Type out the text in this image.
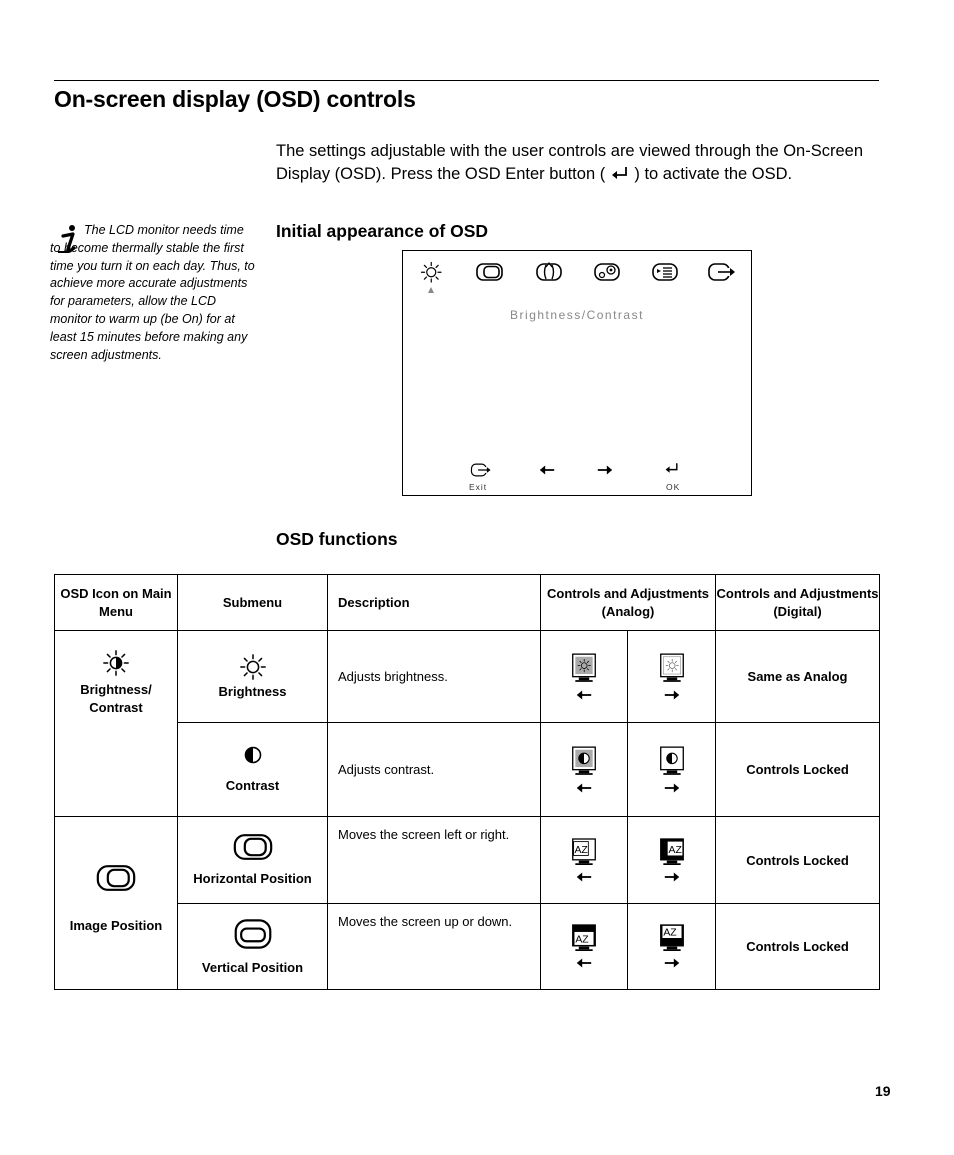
On-screen display (OSD) controls

The settings adjustable with the user controls are viewed through the On-Screen Display (OSD). Press the OSD Enter button (  ) to activate the OSD.

The LCD monitor needs time to become thermally stable the first time you turn it on each day. Thus, to achieve more accurate adjustments for parameters, allow the LCD monitor to warm up (be On) for at least 15 minutes before making any screen adjustments.

Initial appearance of OSD
Brightness/Contrast
Exit	OK
OSD functions
OSD Icon on Main Menu	Submenu	Description	Controls and Adjustments (Analog)		Controls and Adjustments (Digital)

Brightness/ Contrast	Brightness	Adjusts brightness.			Same as Analog

	Contrast	Adjusts contrast.			Controls Locked

Image Position	Horizontal Position	Moves the screen left or right.	AZ	AZ	Controls Locked

	Vertical Position	Moves the screen up or down.	AZ	AZ	Controls Locked
19
